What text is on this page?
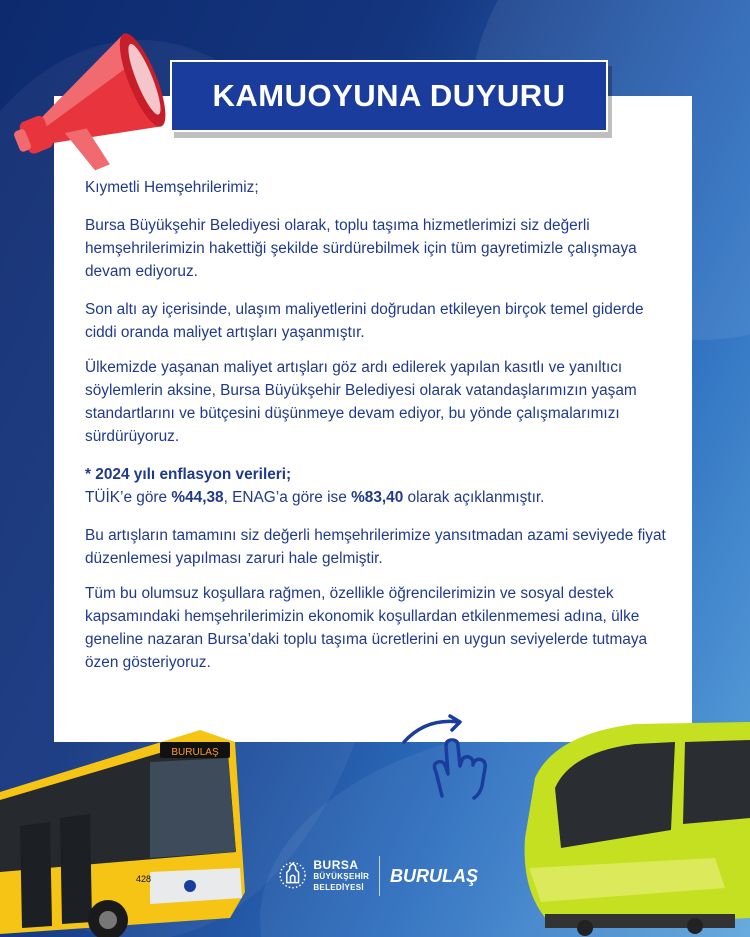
KAMUOYUNA DUYURU

Kıymetli Hemşehrilerimiz;

Bursa Büyükşehir Belediyesi olarak, toplu taşıma hizmetlerimizi siz değerli hemşehrilerimizin hakettiği şekilde sürdürebilmek için tüm gayretimizle çalışmaya devam ediyoruz.

Son altı ay içerisinde, ulaşım maliyetlerini doğrudan etkileyen birçok temel giderde ciddi oranda maliyet artışları yaşanmıştır.

Ülkemizde yaşanan maliyet artışları göz ardı edilerek yapılan kasıtlı ve yanıltıcı söylemlerin aksine, Bursa Büyükşehir Belediyesi olarak vatandaşlarımızın yaşam standartlarını ve bütçesini düşünmeye devam ediyor, bu yönde çalışmalarımızı sürdürüyoruz.

* 2024 yılı enflasyon verileri;
TÜİK’e göre %44,38, ENAG’a göre ise %83,40 olarak açıklanmıştır.

Bu artışların tamamını siz değerli hemşehrilerimize yansıtmadan azami seviyede fiyat düzenlemesi yapılması zaruri hale gelmiştir.

Tüm bu olumsuz koşullara rağmen, özellikle öğrencilerimizin ve sosyal destek kapsamındaki hemşehrilerimizin ekonomik koşullardan etkilenmemesi adına, ülke geneline nazaran Bursa’daki toplu taşıma ücretlerini en uygun seviyelerde tutmaya özen gösteriyoruz.

BURULAŞ
428
BURSA
BÜYÜKŞEHİR
BELEDİYESİ
BURULAŞ
